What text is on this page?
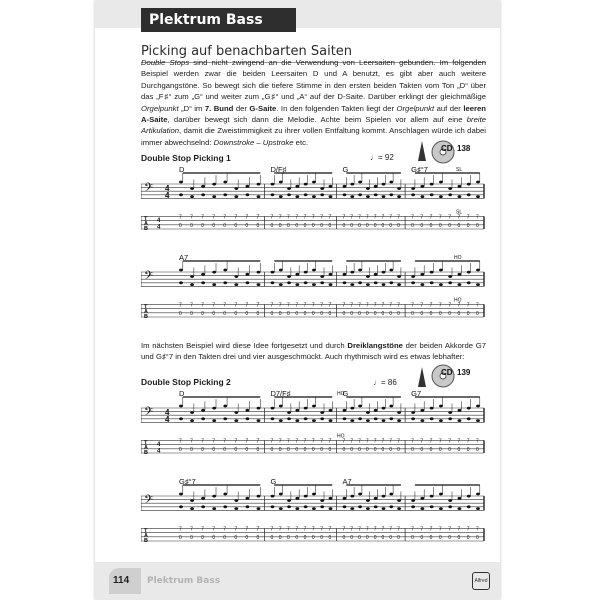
Plektrum Bass
Picking auf benachbarten Saiten
Double Stops sind nicht zwingend an die Verwendung von Leersaiten gebunden. Im folgenden Beispiel werden zwar die beiden Leersaiten D und A benutzt, es gibt aber auch weitere Durchgangstöne. So bewegt sich die tiefere Stimme in den ersten beiden Takten vom Ton „D“ über das „F♯“ zum „G“ und weiter zum „G♯“ und „A“ auf der D-Saite. Darüber erklingt der gleichmäßige Orgelpunkt „D“ im 7. Bund der G-Saite. In den folgenden Takten liegt der Orgelpunkt auf der leeren A-Saite, darüber bewegt sich dann die Melodie. Achte beim Spielen vor allem auf eine breite Artikulation, damit die Zweistimmigkeit zu ihrer vollen Entfaltung kommt. Anschlagen würde ich dabei immer abwechselnd: Downstroke – Upstroke etc.
Double Stop Picking 1	♩= 92
CD 138
𝄢 4
4
T
A
B
4
4
D	D/F♯	G	G♯°7
7
0
7
0
7
0
7
0
7
0
7
0
7
0
7
0
7
0
7
0
7
0
7
0
7
0
7
0
7
0
7
0
7
0
7
0
7
0
7
0
7
0
7
0
7
0
7
0
7
0
7
0
7
0
7
0
7
0
7
0
7
0
7
0
SL
SL
𝄢
T
A
B
A7
7
0
7
0
7
0
7
0
7
0
7
0
7
0
7
0
7
0
7
0
7
0
7
0
7
0
7
0
7
0
7
0
7
0
7
0
7
0
7
0
7
0
7
0
7
0
7
0
7
0
7
0
7
0
7
0
7
0
7
0
7
0
7
0
HO
HO
Im nächsten Beispiel wird diese Idee fortgesetzt und durch Dreiklangstöne der beiden Akkorde G7 und G♯°7 in den Takten drei und vier ausgeschmückt. Auch rhythmisch wird es etwas lebhafter:
Double Stop Picking 2	♩= 86
CD 139
𝄢 4
4
T
A
B
4
4
D	D7/F♯	G	G7
7
0
7
0
7
0
7
0
7
0
7
0
7
0
7
0
7
0
7
0
7
0
7
0
7
0
7
0
7
0
7
0
7
0
7
0
7
0
7
0
7
0
7
0
7
0
7
0
7
0
7
0
7
0
7
0
7
0
7
0
7
0
7
0
HO
HO
𝄢
T
A
B
G♯°7	G	A7
7
0
7
0
7
0
7
0
7
0
7
0
7
0
7
0
7
0
7
0
7
0
7
0
7
0
7
0
7
0
7
0
7
0
7
0
7
0
7
0
7
0
7
0
7
0
7
0
7
0
7
0
7
0
7
0
7
0
7
0
7
0
7
0
114 Plektrum Bass	Alfred
